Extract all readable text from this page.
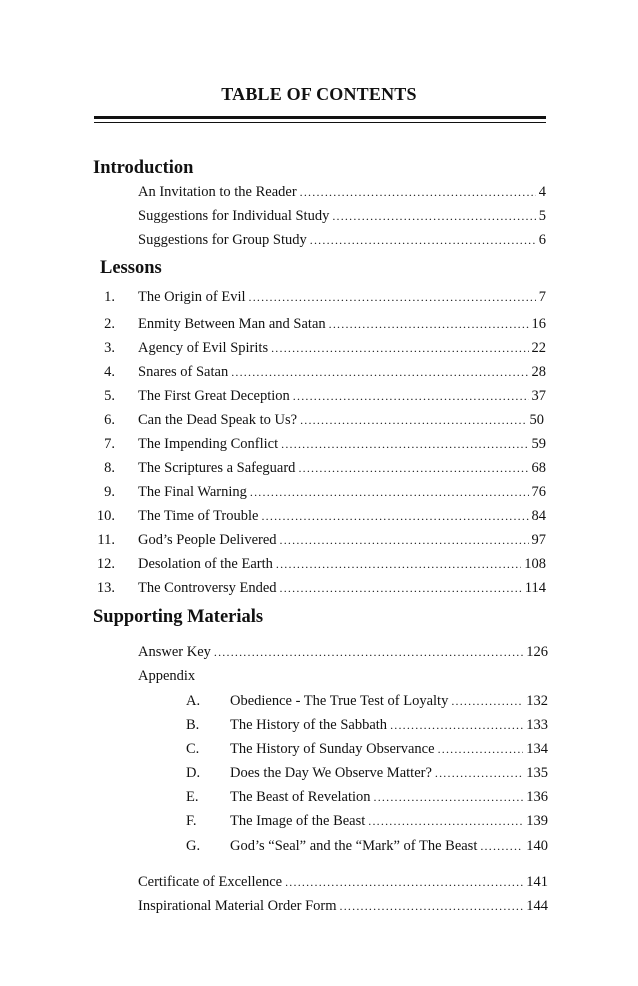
TABLE OF CONTENTS
Introduction
An Invitation to the Reader .....	4
Suggestions for Individual Study .....	5
Suggestions for Group Study .....	6
Lessons
1. The Origin of Evil .....	7
2. Enmity Between Man and Satan .....	16
3. Agency of Evil Spirits .....	22
4. Snares of Satan .....	28
5. The First Great Deception .....	37
6. Can the Dead Speak to Us? .....	50
7. The Impending Conflict .....	59
8. The Scriptures a Safeguard .....	68
9. The Final Warning .....	76
10. The Time of Trouble .....	84
11. God’s People Delivered .....	97
12. Desolation of the Earth .....	108
13. The Controversy Ended .....	114
Supporting Materials
Answer Key .....	126
Appendix
A. Obedience - The True Test of Loyalty .....	132
B. The History of the Sabbath .....	133
C. The History of Sunday Observance .....	134
D. Does the Day We Observe Matter? .....	135
E. The Beast of Revelation .....	136
F. The Image of the Beast .....	139
G. God’s “Seal” and the “Mark” of The Beast .....	140
Certificate of Excellence .....	141
Inspirational Material Order Form .....	144
